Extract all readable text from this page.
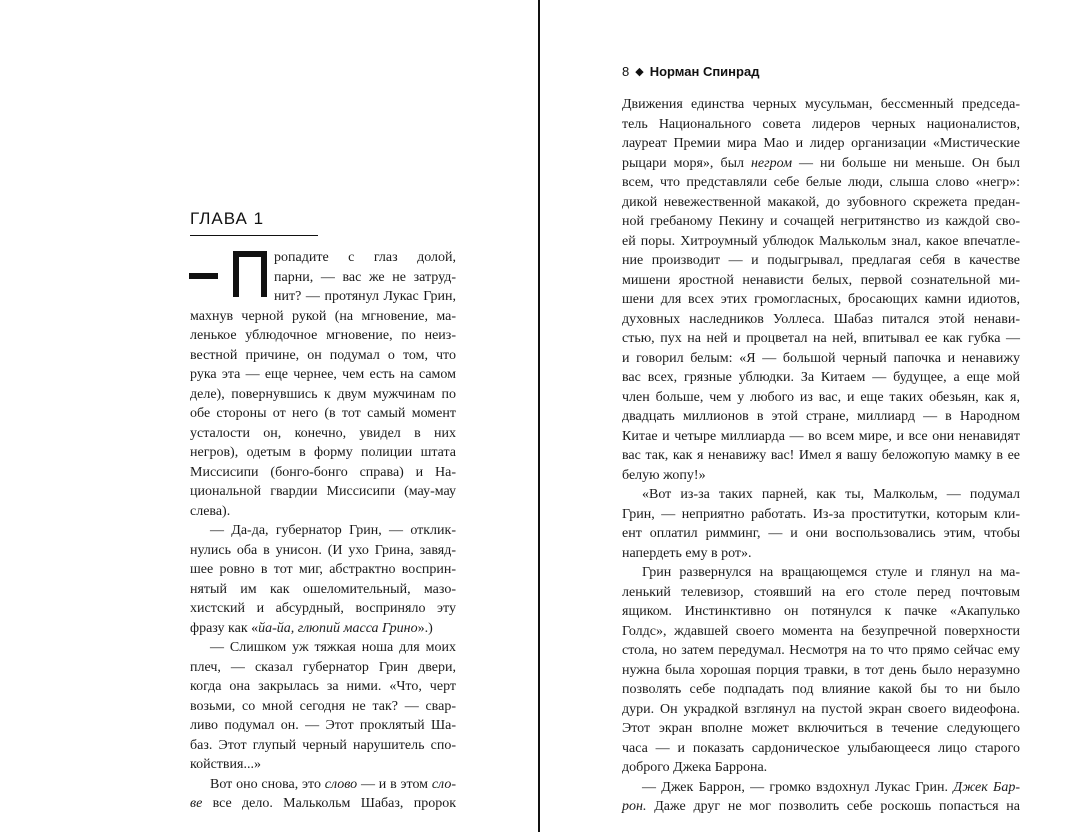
ГЛАВА 1
ропадите с глаз долой,
парни, — вас же не затруд-
нит? — протянул Лукас Грин,
махнув черной рукой (на мгновение, ма-
ленькое ублюдочное мгновение, по неиз-
вестной причине, он подумал о том, что
рука эта — еще чернее, чем есть на самом
деле), повернувшись к двум мужчинам по
обе стороны от него (в тот самый момент
усталости он, конечно, увидел в них
негров), одетым в форму полиции штата
Миссисипи (бонго-бонго справа) и На-
циональной гвардии Миссисипи (мау-мау
слева).
— Да-да, губернатор Грин, — отклик-
нулись оба в унисон. (И ухо Грина, завяд-
шее ровно в тот миг, абстрактно восприн-
нятый им как ошеломительный, мазо-
хистский и абсурдный, восприняло эту
фразу как «йа-йа, глюпий масса Грино».)
— Слишком уж тяжкая ноша для моих
плеч, — сказал губернатор Грин двери,
когда она закрылась за ними. «Что, черт
возьми, со мной сегодня не так? — свар-
ливо подумал он. — Этот проклятый Ша-
баз. Этот глупый черный нарушитель спо-
койствия...»
Вот оно снова, это слово — и в этом сло-
ве все дело. Малькольм Шабаз, пророк
8 ◆ Норман Спинрад
Движения единства черных мусульман, бессменный председа-
тель Национального совета лидеров черных националистов,
лауреат Премии мира Мао и лидер организации «Мистические
рыцари моря», был негром — ни больше ни меньше. Он был
всем, что представляли себе белые люди, слыша слово «негр»:
дикой невежественной макакой, до зубовного скрежета предан-
ной гребаному Пекину и сочащей негритянство из каждой сво-
ей поры. Хитроумный ублюдок Малькольм знал, какое впечатле-
ние производит — и подыгрывал, предлагая себя в качестве
мишени яростной ненависти белых, первой сознательной ми-
шени для всех этих громогласных, бросающих камни идиотов,
духовных наследников Уоллеса. Шабаз питался этой ненави-
стью, пух на ней и процветал на ней, впитывал ее как губка —
и говорил белым: «Я — большой черный папочка и ненавижу
вас всех, грязные ублюдки. За Китаем — будущее, а еще мой
член больше, чем у любого из вас, и еще таких обезьян, как я,
двадцать миллионов в этой стране, миллиард — в Народном
Китае и четыре миллиарда — во всем мире, и все они ненавидят
вас так, как я ненавижу вас! Имел я вашу беложопую мамку в ее
белую жопу!»
«Вот из-за таких парней, как ты, Малкольм, — подумал
Грин, — неприятно работать. Из-за проститутки, которым кли-
ент оплатил римминг, — и они воспользовались этим, чтобы
напердеть ему в рот».
Грин развернулся на вращающемся стуле и глянул на ма-
ленький телевизор, стоявший на его столе перед почтовым
ящиком. Инстинктивно он потянулся к пачке «Акапулько
Голдс», ждавшей своего момента на безупречной поверхности
стола, но затем передумал. Несмотря на то что прямо сейчас ему
нужна была хорошая порция травки, в тот день было неразумно
позволять себе подпадать под влияние какой бы то ни было
дури. Он украдкой взглянул на пустой экран своего видеофона.
Этот экран вполне может включиться в течение следующего
часа — и показать сардоническое улыбающееся лицо старого
доброго Джека Баррона.
— Джек Баррон, — громко вздохнул Лукас Грин. Джек Бар-
рон. Даже друг не мог позволить себе роскошь попасться на
